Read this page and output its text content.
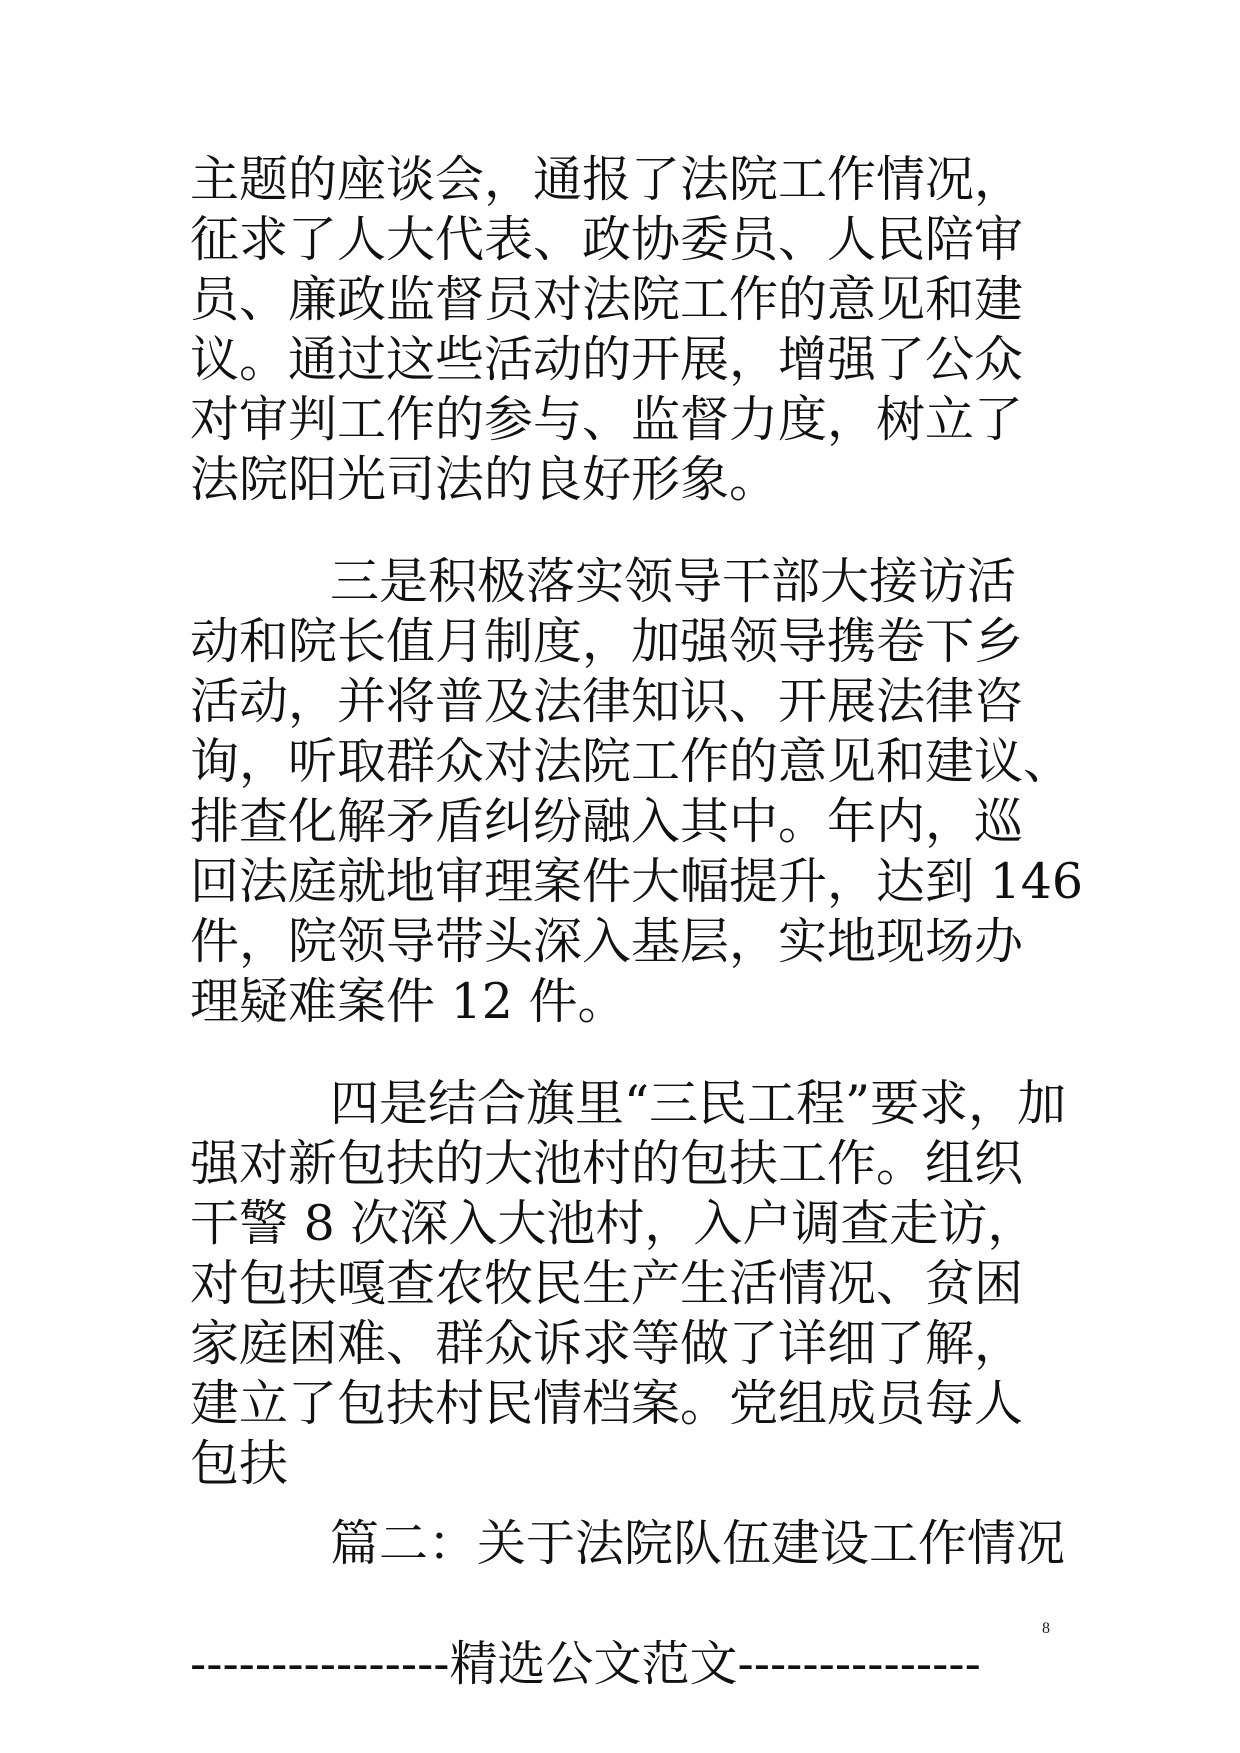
主题的座谈会，通报了法院工作情况，
征求了人大代表、政协委员、人民陪审
员、廉政监督员对法院工作的意见和建
议。通过这些活动的开展，增强了公众
对审判工作的参与、监督力度，树立了
法院阳光司法的良好形象。
三是积极落实领导干部大接访活
动和院长值月制度，加强领导携卷下乡
活动，并将普及法律知识、开展法律咨
询，听取群众对法院工作的意见和建议、
排查化解矛盾纠纷融入其中。年内，巡
回法庭就地审理案件大幅提升，达到 146
件，院领导带头深入基层，实地现场办
理疑难案件 12 件。
四是结合旗里“三民工程”要求，加
强对新包扶的大池村的包扶工作。组织
干警 8 次深入大池村，入户调查走访，
对包扶嘎查农牧民生产生活情况、贫困
家庭困难、群众诉求等做了详细了解，
建立了包扶村民情档案。党组成员每人
包扶
篇二：关于法院队伍建设工作情况
8
----------------精选公文范文---------------
